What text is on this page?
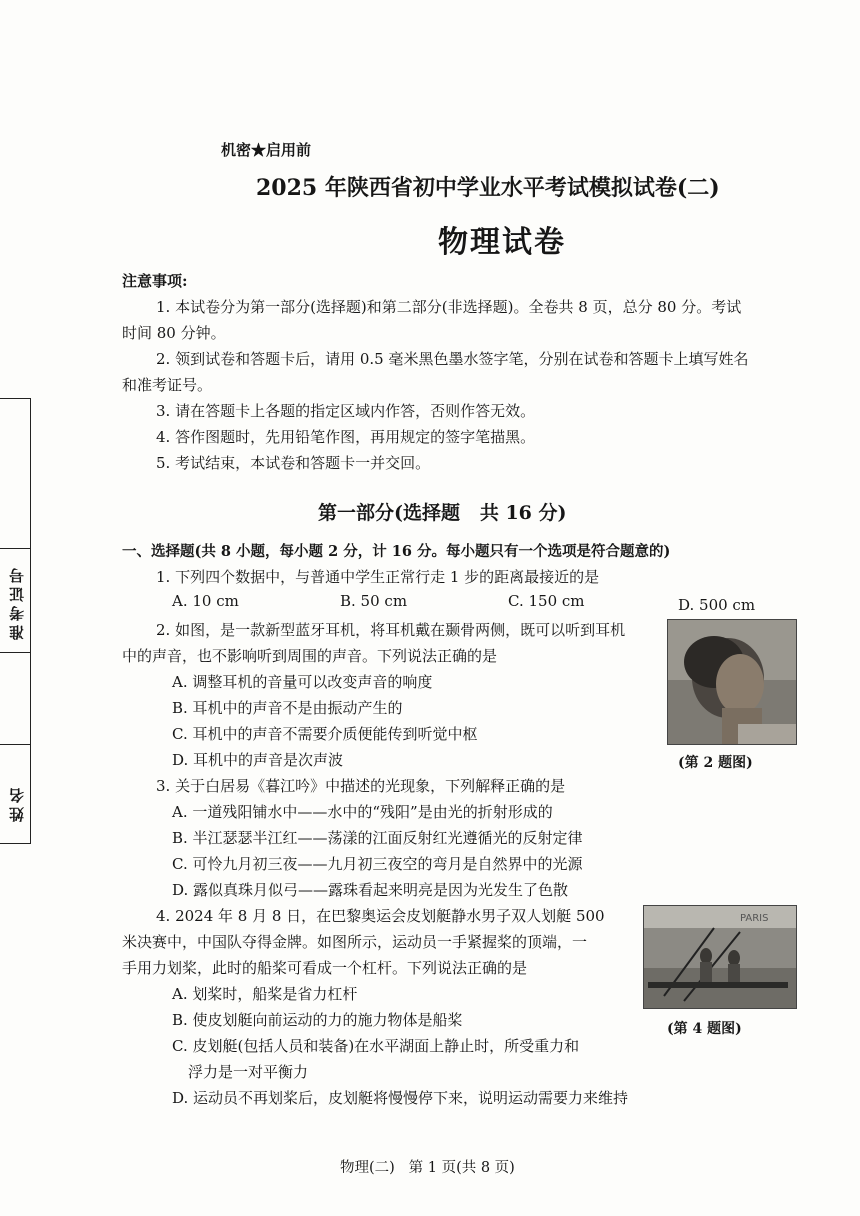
机密★启用前
2025 年陕西省初中学业水平考试模拟试卷(二)
物理试卷
注意事项:
1. 本试卷分为第一部分(选择题)和第二部分(非选择题)。全卷共 8 页，总分 80 分。考试
时间 80 分钟。
2. 领到试卷和答题卡后，请用 0.5 毫米黑色墨水签字笔，分别在试卷和答题卡上填写姓名
和准考证号。
3. 请在答题卡上各题的指定区域内作答，否则作答无效。
4. 答作图题时，先用铅笔作图，再用规定的签字笔描黑。
5. 考试结束，本试卷和答题卡一并交回。
准考证号
姓名
第一部分(选择题   共 16 分)
一、选择题(共 8 小题，每小题 2 分，计 16 分。每小题只有一个选项是符合题意的)
1. 下列四个数据中，与普通中学生正常行走 1 步的距离最接近的是
A. 10 cm	B. 50 cm	C. 150 cm	D. 500 cm
2. 如图，是一款新型蓝牙耳机，将耳机戴在颞骨两侧，既可以听到耳机
中的声音，也不影响听到周围的声音。下列说法正确的是
A. 调整耳机的音量可以改变声音的响度
B. 耳机中的声音不是由振动产生的
C. 耳机中的声音不需要介质便能传到听觉中枢
D. 耳机中的声音是次声波	(第 2 题图)
3. 关于白居易《暮江吟》中描述的光现象，下列解释正确的是
A. 一道残阳铺水中——水中的“残阳”是由光的折射形成的
B. 半江瑟瑟半江红——荡漾的江面反射红光遵循光的反射定律
C. 可怜九月初三夜——九月初三夜空的弯月是自然界中的光源
D. 露似真珠月似弓——露珠看起来明亮是因为光发生了色散
4. 2024 年 8 月 8 日，在巴黎奥运会皮划艇静水男子双人划艇 500
米决赛中，中国队夺得金牌。如图所示，运动员一手紧握桨的顶端，一
手用力划桨，此时的船桨可看成一个杠杆。下列说法正确的是
A. 划桨时，船桨是省力杠杆
B. 使皮划艇向前运动的力的施力物体是船桨
C. 皮划艇(包括人员和装备)在水平湖面上静止时，所受重力和
浮力是一对平衡力
D. 运动员不再划桨后，皮划艇将慢慢停下来，说明运动需要力来维持
PARIS
(第 4 题图)
物理(二)   第 1 页(共 8 页)
